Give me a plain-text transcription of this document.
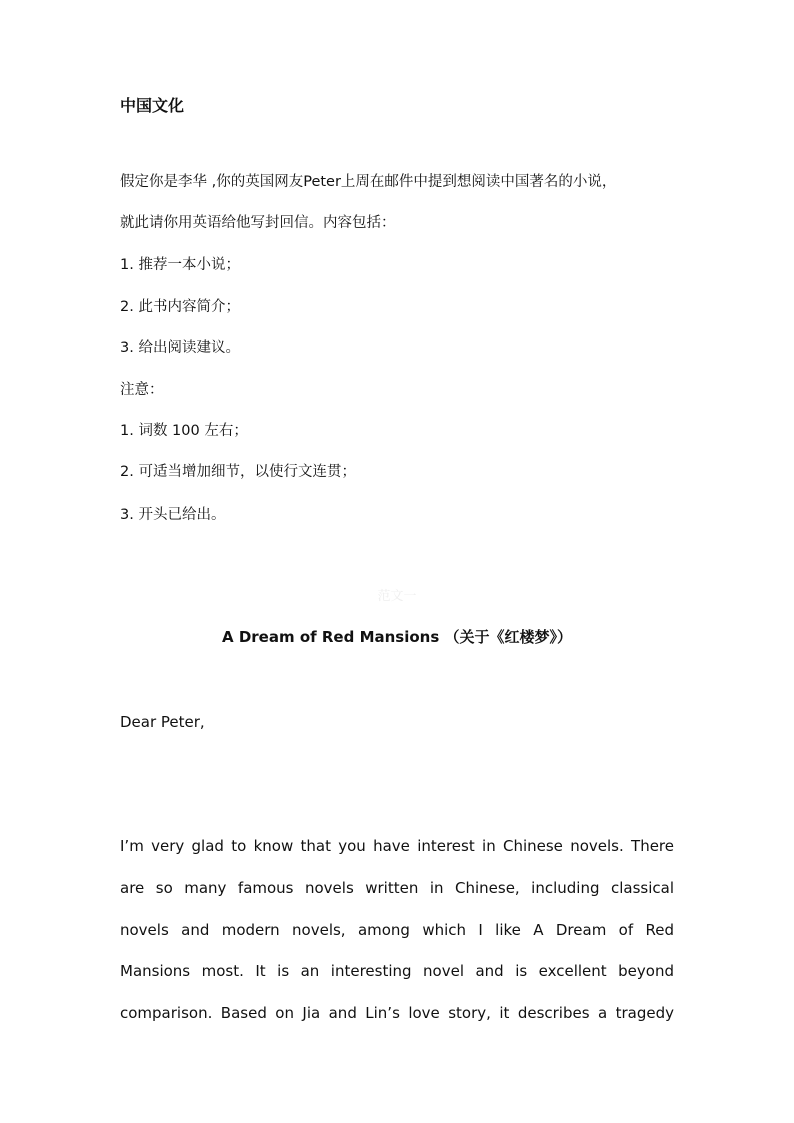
中国文化
假定你是李华 ,你的英国网友Peter上周在邮件中提到想阅读中国著名的小说，
就此请你用英语给他写封回信。内容包括：
1. 推荐一本小说；
2. 此书内容简介；
3. 给出阅读建议。
注意：
1. 词数 100 左右；
2. 可适当增加细节，以使行文连贯；
3. 开头已给出。
范文一
A Dream of Red Mansions （关于《红楼梦》）
Dear Peter,
I’m very glad to know that you have interest in Chinese novels. There
are so many famous novels written in Chinese, including classical
novels and modern novels, among which I like A Dream of Red
Mansions most. It is an interesting novel and is excellent beyond
comparison. Based on Jia and Lin’s love story, it describes a tragedy
